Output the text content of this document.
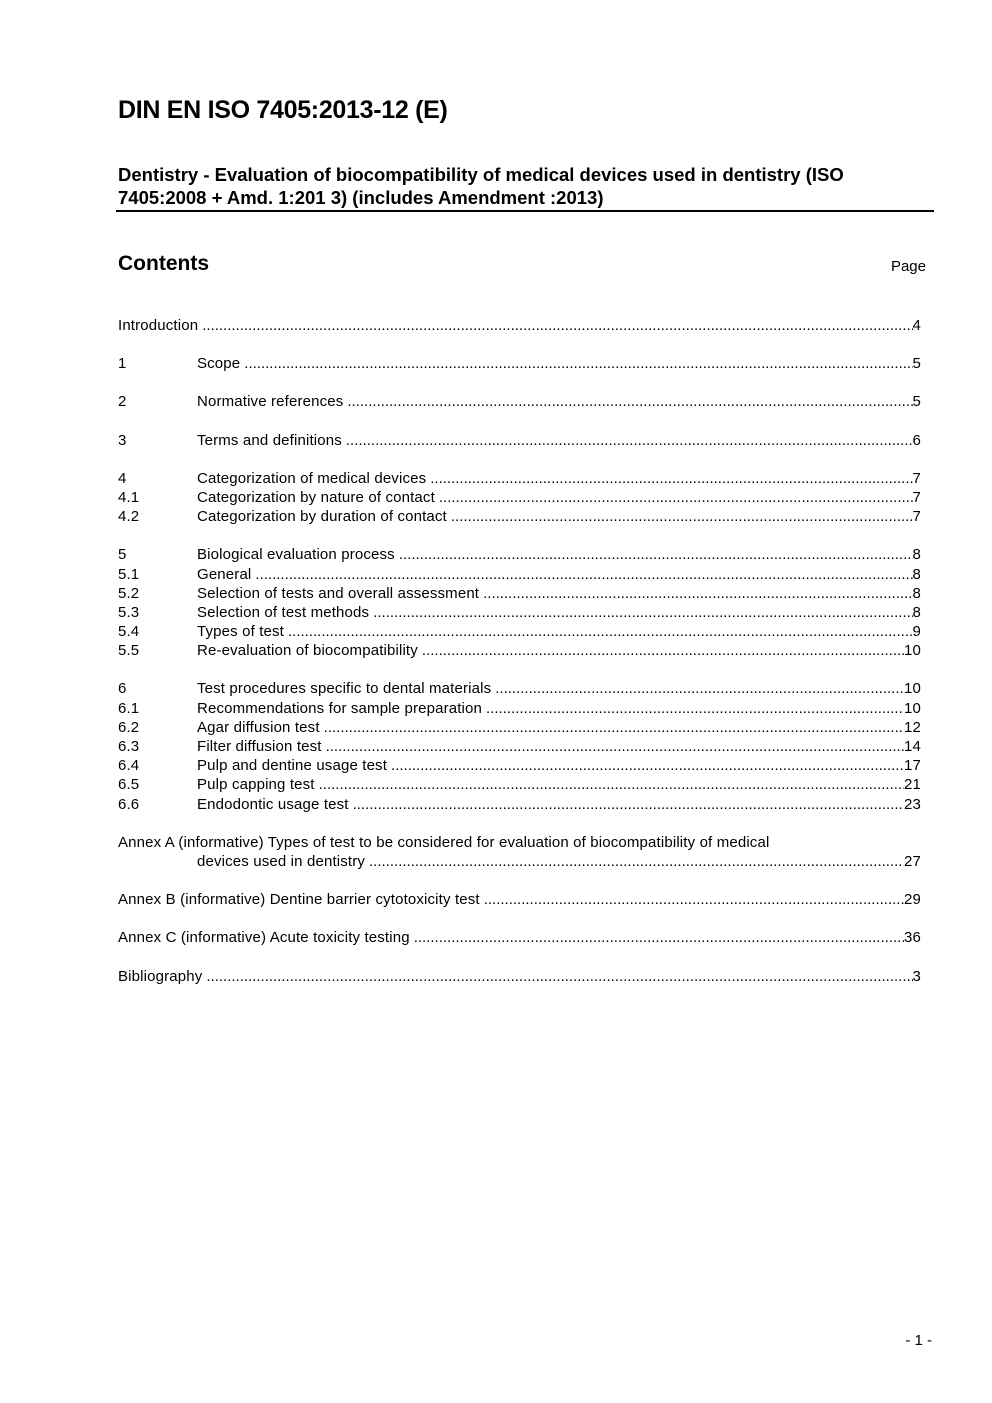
DIN EN ISO 7405:2013-12 (E)
Dentistry - Evaluation of biocompatibility of medical devices used in dentistry (ISO 7405:2008 + Amd. 1:201 3) (includes Amendment :2013)
Contents	Page
Introduction .....	4
1	Scope .....	5
2	Normative references .....	5
3	Terms and definitions .....	6
4	Categorization of medical devices .....	7
4.1	Categorization by nature of contact .....	7
4.2	Categorization by duration of contact .....	7
5	Biological evaluation process .....	8
5.1	General .....	8
5.2	Selection of tests and overall assessment .....	8
5.3	Selection of test methods .....	8
5.4	Types of test .....	9
5.5	Re-evaluation of biocompatibility .....	10
6	Test procedures specific to dental materials .....	10
6.1	Recommendations for sample preparation .....	10
6.2	Agar diffusion test .....	12
6.3	Filter diffusion test .....	14
6.4	Pulp and dentine usage test .....	17
6.5	Pulp capping test .....	21
6.6	Endodontic usage test .....	23
Annex A (informative) Types of test to be considered for evaluation of biocompatibility of medical
devices used in dentistry .....	27
Annex B (informative) Dentine barrier cytotoxicity test .....	29
Annex C (informative) Acute toxicity testing .....	36
Bibliography .....	3
- 1 -
